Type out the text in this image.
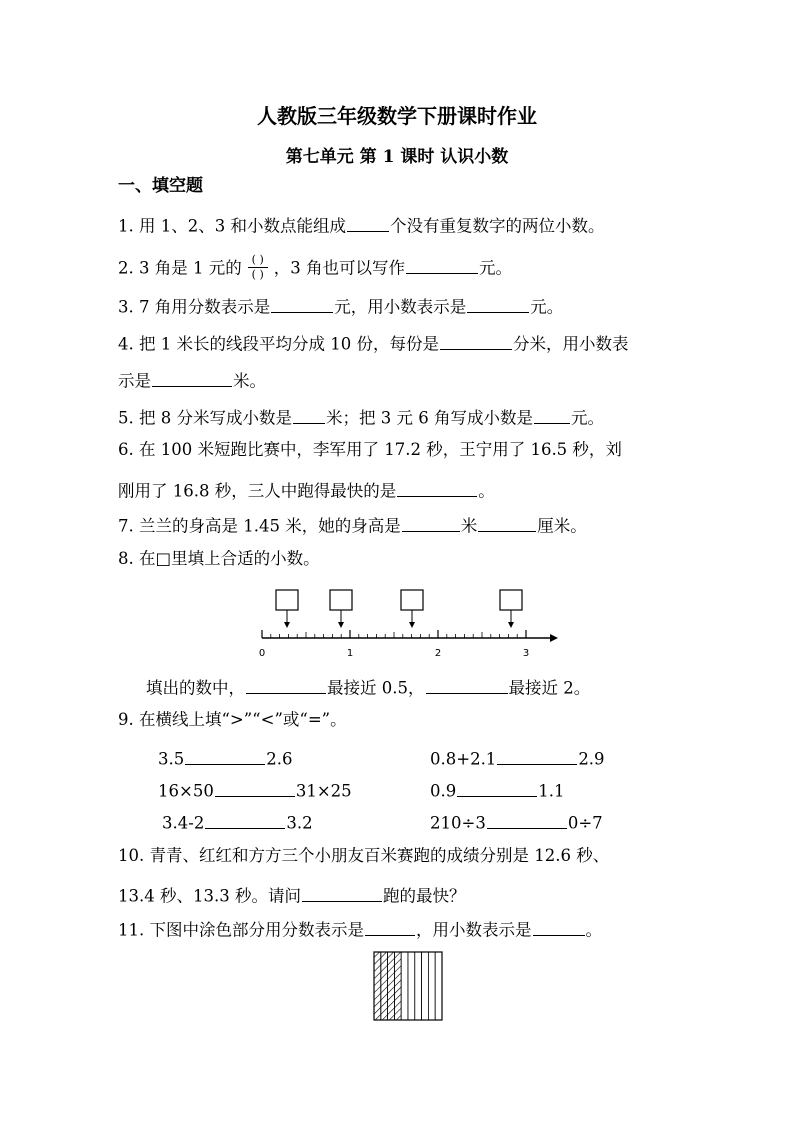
人教版三年级数学下册课时作业
第七单元 第 1 课时 认识小数
一、填空题
1. 用 1、2、3 和小数点能组成	个没有重复数字的两位小数。
2. 3 角是 1 元的 $\frac{( )}{( )}$ ，3 角也可以写作	元。
3. 7 角用分数表示是	元，用小数表示是	元。
4. 把 1 米长的线段平均分成 10 份，每份是	分米，用小数表
示是	米。
5. 把 8 分米写成小数是 米；把 3 元 6 角写成小数是 元。
6. 在 100 米短跑比赛中，李军用了 17.2 秒，王宁用了 16.5 秒，刘
刚用了 16.8 秒，三人中跑得最快的是	。
7. 兰兰的身高是 1.45 米，她的身高是	米	厘米。
8. 在□里填上合适的小数。
0	1	2	3
填出的数中，	最接近 0.5，	最接近 2。
9. 在横线上填“>”“<”或“=”。
3.5	2.6	0.8+2.1	2.9
16×50	31×25	0.9	1.1
3.4-2	3.2	210÷3	0÷7
10. 青青、红红和方方三个小朋友百米赛跑的成绩分别是 12.6 秒、
13.4 秒、13.3 秒。请问	跑的最快？
11. 下图中涂色部分用分数表示是	，用小数表示是	。
